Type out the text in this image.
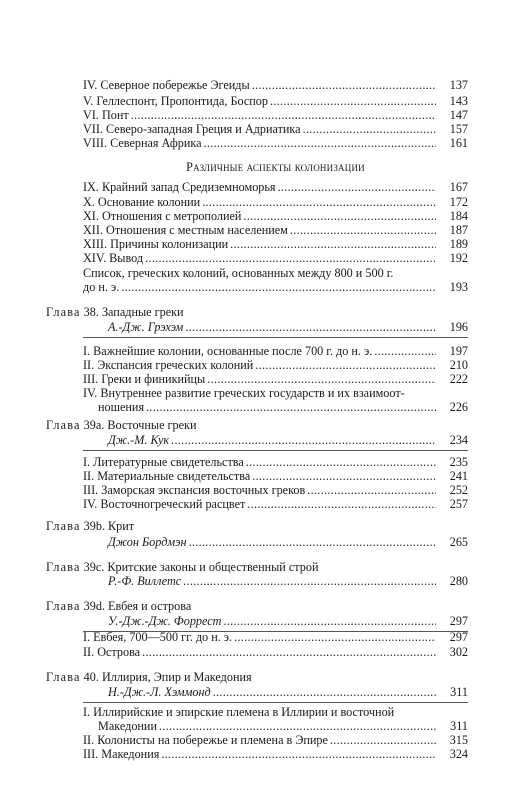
IV. Северное побережье Эгеиды .....	137
V. Геллеспонт, Пропонтида, Боспор .....	143
VI. Понт .....	147
VII. Северо-западная Греция и Адриатика .....	157
VIII. Северная Африка .....	161
Различные аспекты колонизации
IX. Крайний запад Средиземноморья .....	167
X. Основание колонии .....	172
XI. Отношения с метрополией .....	184
XII. Отношения с местным населением .....	187
XIII. Причины колонизации .....	189
XIV. Вывод .....	192
Список, греческих колоний, основанных между 800 и 500 г.
до н. э. .....	193
Глава 38. Западные греки
А.-Дж. Грэхэм .....	196
I. Важнейшие колонии, основанные после 700 г. до н. э. .....	197
II. Экспансия греческих колоний .....	210
III. Греки и финикийцы .....	222
IV. Внутреннее развитие греческих государств и их взаимоот-
ношения .....	226
Глава 39а. Восточные греки
Дж.-М. Кук .....	234
I. Литературные свидетельства .....	235
II. Материальные свидетельства .....	241
III. Заморская экспансия восточных греков .....	252
IV. Восточногреческий расцвет .....	257
Глава 39b. Крит
Джон Бордмэн .....	265
Глава 39с. Критские законы и общественный строй
Р.-Ф. Виллетс .....	280
Глава 39d. Евбея и острова
У.-Дж.-Дж. Форрест .....	297
I. Евбея, 700—500 гг. до н. э. .....	297
II. Острова .....	302
Глава 40. Иллирия, Эпир и Македония
Н.-Дж.-Л. Хэммонд .....	311
I. Иллирийские и эпирские племена в Иллирии и восточной
Македонии .....	311
II. Колонисты на побережье и племена в Эпире .....	315
III. Македония .....	324
